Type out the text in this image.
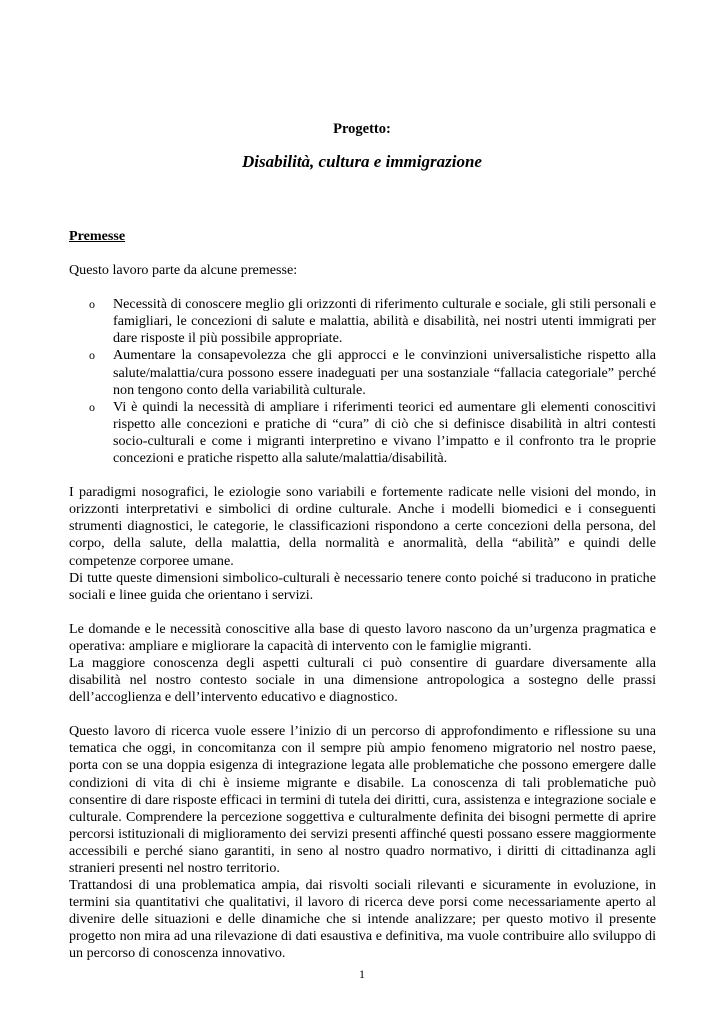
Progetto:
Disabilità, cultura e immigrazione
Premesse

Questo lavoro parte da alcune premesse:

o Necessità di conoscere meglio gli orizzonti di riferimento culturale e sociale, gli stili personali e famigliari, le concezioni di salute e malattia, abilità e disabilità, nei nostri utenti immigrati per dare risposte il più possibile appropriate.
o Aumentare la consapevolezza che gli approcci e le convinzioni universalistiche rispetto alla salute/malattia/cura possono essere inadeguati per una sostanziale “fallacia categoriale” perché non tengono conto della variabilità culturale.
o Vi è quindi la necessità di ampliare i riferimenti teorici ed aumentare gli elementi conoscitivi rispetto alle concezioni e pratiche di “cura” di ciò che si definisce disabilità in altri contesti socio-culturali e come i migranti interpretino e vivano l’impatto e il confronto tra le proprie concezioni e pratiche rispetto alla salute/malattia/disabilità.

I paradigmi nosografici, le eziologie sono variabili e fortemente radicate nelle visioni del mondo, in orizzonti interpretativi e simbolici di ordine culturale. Anche i modelli biomedici e i conseguenti strumenti diagnostici, le categorie, le classificazioni rispondono a certe concezioni della persona, del corpo, della salute, della malattia, della normalità e anormalità, della “abilità” e quindi delle competenze corporee umane.

Di tutte queste dimensioni simbolico-culturali è necessario tenere conto poiché si traducono in pratiche sociali e linee guida che orientano i servizi.

Le domande e le necessità conoscitive alla base di questo lavoro nascono da un’urgenza pragmatica e operativa: ampliare e migliorare la capacità di intervento con le famiglie migranti.

La maggiore conoscenza degli aspetti culturali ci può consentire di guardare diversamente alla disabilità nel nostro contesto sociale in una dimensione antropologica a sostegno delle prassi dell’accoglienza e dell’intervento educativo e diagnostico.

Questo lavoro di ricerca vuole essere l’inizio di un percorso di approfondimento e riflessione su una tematica che oggi, in concomitanza con il sempre più ampio fenomeno migratorio nel nostro paese, porta con se una doppia esigenza di integrazione legata alle problematiche che possono emergere dalle condizioni di vita di chi è insieme migrante e disabile. La conoscenza di tali problematiche può consentire di dare risposte efficaci in termini di tutela dei diritti, cura, assistenza e integrazione sociale e culturale. Comprendere la percezione soggettiva e culturalmente definita dei bisogni permette di aprire percorsi istituzionali di miglioramento dei servizi presenti affinché questi possano essere maggiormente accessibili e perché siano garantiti, in seno al nostro quadro normativo, i diritti di cittadinanza agli stranieri presenti nel nostro territorio.

Trattandosi di una problematica ampia, dai risvolti sociali rilevanti e sicuramente in evoluzione, in termini sia quantitativi che qualitativi, il lavoro di ricerca deve porsi come necessariamente aperto al divenire delle situazioni e delle dinamiche che si intende analizzare; per questo motivo il presente progetto non mira ad una rilevazione di dati esaustiva e definitiva, ma vuole contribuire allo sviluppo di un percorso di conoscenza innovativo.

1
